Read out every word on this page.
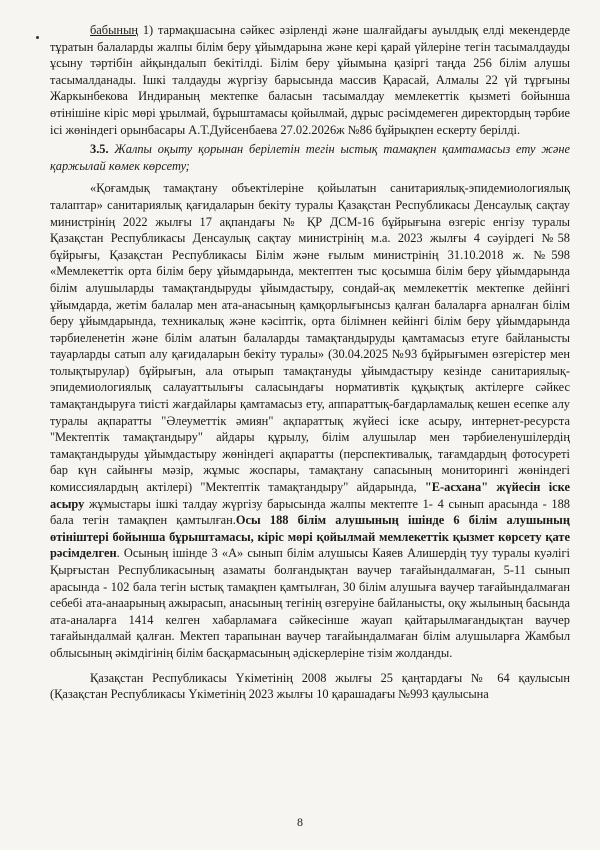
бабының 1) тармақшасына сәйкес әзірленді және шалғайдағы ауылдық елді мекендерде тұратын балаларды жалпы білім беру ұйымдарына және кері қарай үйлеріне тегін тасымалдауды ұсыну тәртібін айқындалып бекітілді. Білім беру ұйымына қазіргі таңда 256 білім алушы тасымалданады. Ішкі талдауды жүргізу барысында массив Қарасай, Алмалы 22 үй тұрғыны Жаркынбекова Индираның мектепке баласын тасымалдау мемлекеттік қызметі бойынша өтінішіне кіріс мөрі ұрылмай, бұрыштамасы қойылмай, дұрыс рәсімдемеген директордың тәрбие ісі жөніндегі орынбасары А.Т.Дуйсенбаева 27.02.2026ж №86 бұйрықпен ескерту берілді.

3.5. Жалпы оқыту қорынан берілетін тегін ыстық тамақпен қамтамасыз ету және қаржылай көмек көрсету;

«Қоғамдық тамақтану объектілеріне қойылатын санитариялық-эпидемиологиялық талаптар» санитариялық қағидаларын бекіту туралы Қазақстан Республикасы Денсаулық сақтау министрінің 2022 жылғы 17 ақпандағы № ҚР ДСМ-16 бұйрығына өзгеріс енгізу туралы Қазақстан Республикасы Денсаулық сақтау министрінің м.а. 2023 жылғы 4 сәуірдегі №58 бұйрығы, Қазақстан Республикасы Білім және ғылым министрінің 31.10.2018 ж. №598 «Мемлекеттік орта білім беру ұйымдарында, мектептен тыс қосымша білім беру ұйымдарында білім алушыларды тамақтандыруды ұйымдастыру, сондай-ақ мемлекеттік мектепке дейінгі ұйымдарда, жетім балалар мен ата-анасының қамқорлығынсыз қалған балаларға арналған білім беру ұйымдарында, техникалық және кәсіптік, орта білімнен кейінгі білім беру ұйымдарында тәрбиеленетін және білім алатын балаларды тамақтандыруды қамтамасыз етуге байланысты тауарларды сатып алу қағидаларын бекіту туралы» (30.04.2025 №93 бұйрығымен өзгерістер мен толықтырулар) бұйрығын, ала отырып тамақтануды ұйымдастыру кезінде санитариялық-эпидемиологиялық салауаттылығы саласындағы нормативтік құқықтық актілерге сәйкес тамақтандыруға тиісті жағдайлары қамтамасыз ету, аппараттық-бағдарламалық кешен есепке алу туралы ақпаратты "Әлеуметтік әмиян" ақпараттық жүйесі іске асыру, интернет-ресурста "Мектептік тамақтандыру" айдары құрылу, білім алушылар мен тәрбиеленушілердің тамақтандыруды ұйымдастыру жөніндегі ақпаратты (перспективалық, тағамдардың фотосуреті бар күн сайынғы мәзір, жұмыс жоспары, тамақтану сапасының мониторингі жөніндегі комиссиялардың актілері) "Мектептік тамақтандыру" айдарында, "Е-асхана" жүйесін іске асыру жұмыстары ішкі талдау жүргізу барысында жалпы мектепте 1- 4 сынып арасында - 188 бала тегін тамақпен қамтылған.Осы 188 білім алушының ішінде 6 білім алушының өтініштері бойынша бұрыштамасы, кіріс мөрі қойылмай мемлекеттік қызмет көрсету қате рәсімделген. Осының ішінде 3 «А» сынып білім алушысы Каяев Алишердің туу туралы куәлігі Қырғыстан Республикасының азаматы болғандықтан ваучер тағайындалмаған, 5-11 сынып арасында - 102 бала тегін ыстық тамақпен қамтылған, 30 білім алушыға ваучер тағайындалмаған себебі ата-анаарының ажырасып, анасының тегінің өзгеруіне байланысты, оқу жылының басында ата-аналарға 1414 келген хабарламаға сәйкесінше жауап қайтарылмағандықтан ваучер тағайындалмай қалған. Мектеп тарапынан ваучер тағайындалмаған білім алушыларға Жамбыл облысының әкімдігінің білім басқармасының әдіскерлеріне тізім жолданды.

Қазақстан Республикасы Үкіметінің 2008 жылғы 25 қаңтардағы № 64 қаулысын (Қазақстан Республикасы Үкіметінің 2023 жылғы 10 қарашадағы №993 қаулысына

8
